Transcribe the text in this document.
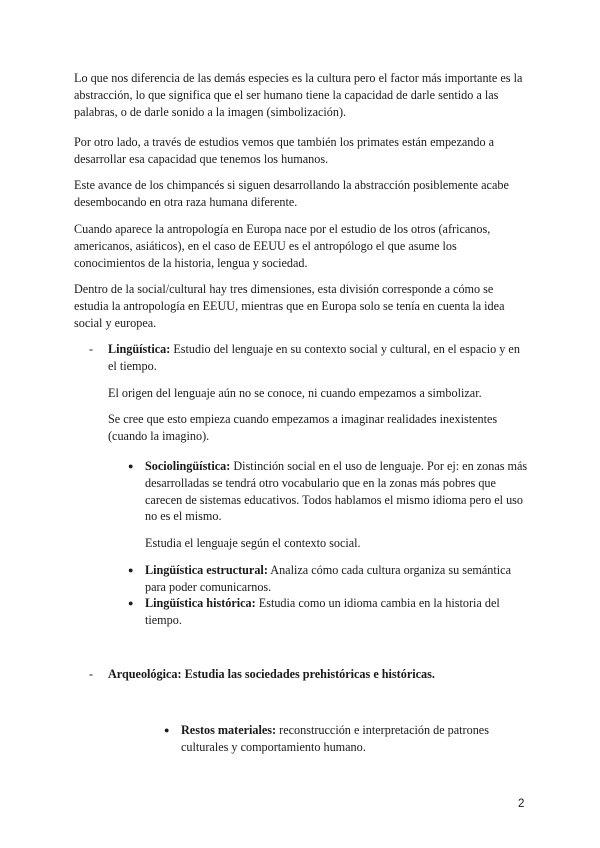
Lo que nos diferencia de las demás especies es la cultura pero el factor más importante es la abstracción, lo que significa que el ser humano tiene la capacidad de darle sentido a las palabras, o de darle sonido a la imagen (simbolización).

Por otro lado, a través de estudios vemos que también los primates están empezando a desarrollar esa capacidad que tenemos los humanos.

Este avance de los chimpancés si siguen desarrollando la abstracción posiblemente acabe desembocando en otra raza humana diferente.

Cuando aparece la antropología en Europa nace por el estudio de los otros (africanos, americanos, asiáticos), en el caso de EEUU es el antropólogo el que asume los conocimientos de la historia, lengua y sociedad.

Dentro de la social/cultural hay tres dimensiones, esta división corresponde a cómo se estudia la antropología en EEUU, mientras que en Europa solo se tenía en cuenta la idea social y europea.

- Lingüística: Estudio del lenguaje en su contexto social y cultural, en el espacio y en el tiempo.

El origen del lenguaje aún no se conoce, ni cuando empezamos a simbolizar.

Se cree que esto empieza cuando empezamos a imaginar realidades inexistentes (cuando la imagino).

● Sociolingüística: Distinción social en el uso de lenguaje. Por ej: en zonas más desarrolladas se tendrá otro vocabulario que en la zonas más pobres que carecen de sistemas educativos. Todos hablamos el mismo idioma pero el uso no es el mismo.

Estudia el lenguaje según el contexto social.

● Lingüística estructural: Analiza cómo cada cultura organiza su semántica para poder comunicarnos.

● Lingüística histórica: Estudia como un idioma cambia en la historia del tiempo.

- Arqueológica: Estudia las sociedades prehistóricas e históricas.

● Restos materiales: reconstrucción e interpretación de patrones culturales y comportamiento humano.

2
